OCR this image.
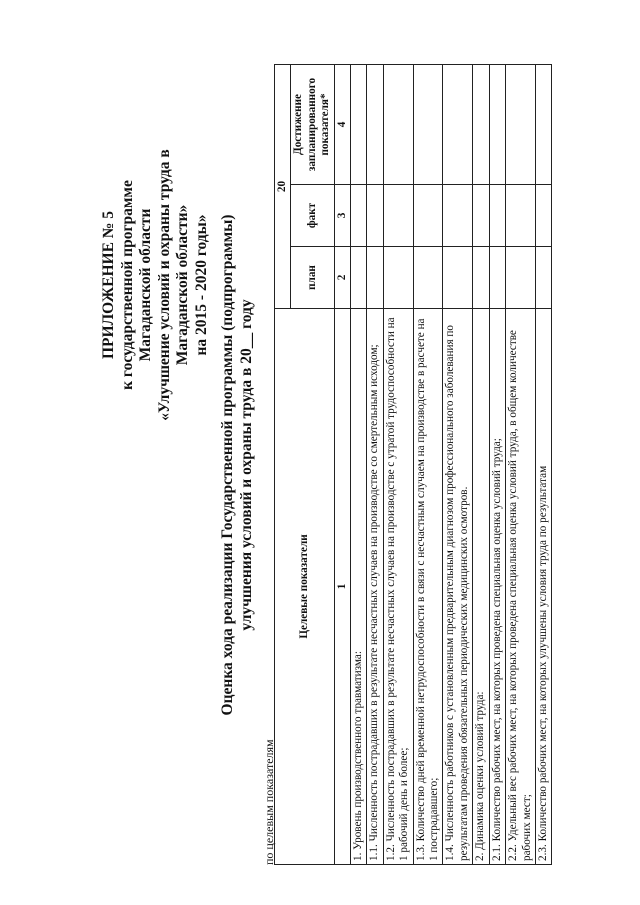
ПРИЛОЖЕНИЕ № 5 к государственной программе Магаданской области «Улучшение условий и охраны труда в Магаданской области» на 2015 - 2020 годы» Оценка хода реализации Государственной программы (подпрограммы) улучшения условий и охраны труда в 20__ году
по целевым показателям
Целевые показатели	20		
	план	факт	Достижение запланированного показателя*
1	2	3	4
1. Уровень производственного травматизма:			
1.1. Численность пострадавших в результате несчастных случаев на производстве со смертельным исходом;			
1.2. Численность пострадавших в результате несчастных случаев на производстве с утратой трудоспособности на 1 рабочий день и более;			
1.3. Количество дней временной нетрудоспособности в связи с несчастным случаем на производстве в расчете на 1 пострадавшего;			
1.4. Численность работников с установленным предварительным диагнозом профессионального заболевания по результатам проведения обязательных периодических медицинских осмотров.			
2. Динамика оценки условий труда:			
2.1. Количество рабочих мест, на которых проведена специальная оценка условий труда;			
2.2. Удельный вес рабочих мест, на которых проведена специальная оценка условий труда, в общем количестве рабочих мест;			
2.3. Количество рабочих мест, на которых улучшены условия труда по результатам			
